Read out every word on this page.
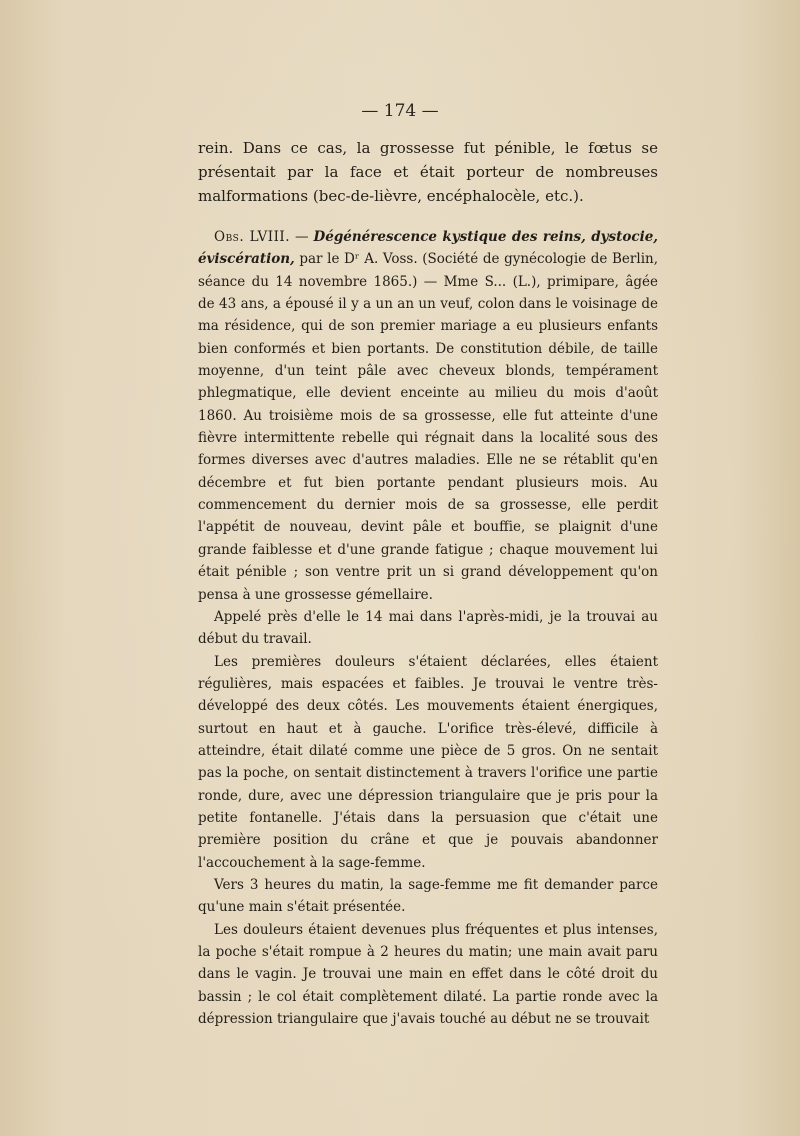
— 174 —

rein. Dans ce cas, la grossesse fut pénible, le fœtus se présentait par la face et était porteur de nombreuses malformations (bec-de-lièvre, encéphalocèle, etc.).

Obs. LVIII. — Dégénérescence kystique des reins, dystocie, éviscération, par le Dʳ A. Voss. (Société de gynécologie de Berlin, séance du 14 novembre 1865.) — Mme S... (L.), primipare, âgée de 43 ans, a épousé il y a un an un veuf, colon dans le voisinage de ma résidence, qui de son premier mariage a eu plusieurs enfants bien conformés et bien portants. De constitution débile, de taille moyenne, d'un teint pâle avec cheveux blonds, tempérament phlegmatique, elle devient enceinte au milieu du mois d'août 1860. Au troisième mois de sa grossesse, elle fut atteinte d'une fièvre intermittente rebelle qui régnait dans la localité sous des formes diverses avec d'autres maladies. Elle ne se rétablit qu'en décembre et fut bien portante pendant plusieurs mois. Au commencement du dernier mois de sa grossesse, elle perdit l'appétit de nouveau, devint pâle et bouffie, se plaignit d'une grande faiblesse et d'une grande fatigue ; chaque mouvement lui était pénible ; son ventre prit un si grand développement qu'on pensa à une grossesse gémellaire.

Appelé près d'elle le 14 mai dans l'après-midi, je la trouvai au début du travail.

Les premières douleurs s'étaient déclarées, elles étaient régulières, mais espacées et faibles. Je trouvai le ventre très-développé des deux côtés. Les mouvements étaient énergiques, surtout en haut et à gauche. L'orifice très-élevé, difficile à atteindre, était dilaté comme une pièce de 5 gros. On ne sentait pas la poche, on sentait distinctement à travers l'orifice une partie ronde, dure, avec une dépression triangulaire que je pris pour la petite fontanelle. J'étais dans la persuasion que c'était une première position du crâne et que je pouvais abandonner l'accouchement à la sage-femme.

Vers 3 heures du matin, la sage-femme me fit demander parce qu'une main s'était présentée.

Les douleurs étaient devenues plus fréquentes et plus intenses, la poche s'était rompue à 2 heures du matin; une main avait paru dans le vagin. Je trouvai une main en effet dans le côté droit du bassin ; le col était complètement dilaté. La partie ronde avec la dépression triangulaire que j'avais touché au début ne se trouvait
